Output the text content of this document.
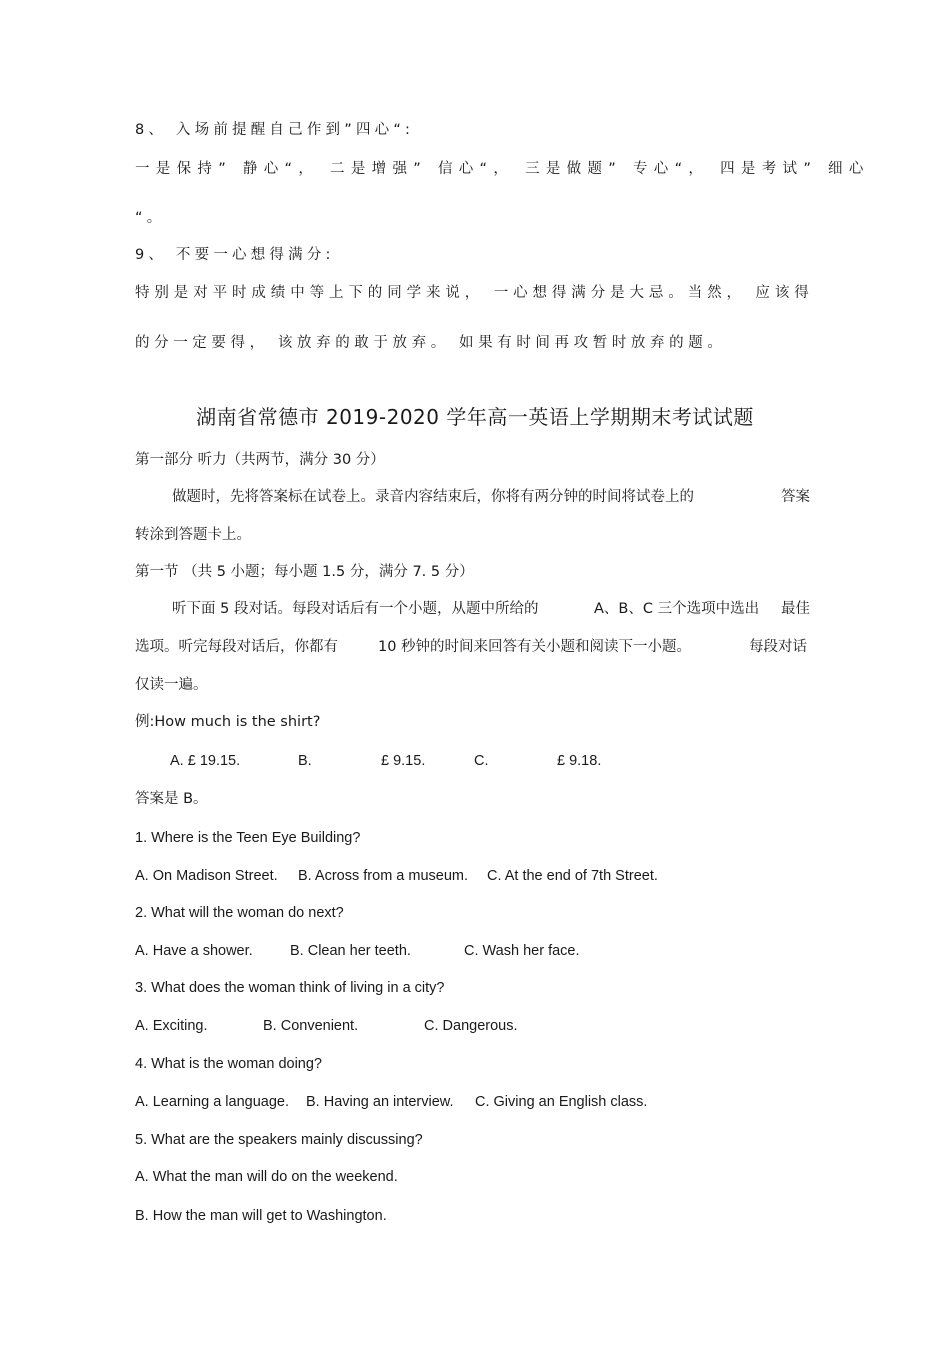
8、 入场前提醒自己作到”四心“:
一是保持” 静心“， 二是增强” 信心“， 三是做题” 专心“， 四是考试” 细心
“。
9、 不要一心想得满分:
特别是对平时成绩中等上下的同学来说， 一心想得满分是大忌。当然， 应该得
的分一定要得， 该放弃的敢于放弃。 如果有时间再攻暂时放弃的题。
湖南省常德市 2019-2020 学年高一英语上学期期末考试试题
第一部分 听力（共两节，满分 30 分）
做题时，先将答案标在试卷上。录音内容结束后，你将有两分钟的时间将试卷上的	答案
转涂到答题卡上。
第一节 （共 5 小题；每小题 1.5 分，满分 7. 5 分）
听下面 5 段对话。每段对话后有一个小题，从题中所给的	A、B、C 三个选项中选出 最佳
选项。听完每段对话后，你都有	10 秒钟的时间来回答有关小题和阅读下一小题。	每段对话
仅读一遍。
例:How much is the shirt?
A. £ 19.15.	B.	£ 9.15.	C.	£ 9.18.
答案是 B。
1. Where is the Teen Eye Building?
A. On Madison Street. B. Across from a museum. C. At the end of 7th Street.
2. What will the woman do next?
A. Have a shower.	B. Clean her teeth.	C. Wash her face.
3. What does the woman think of living in a city?
A. Exciting.	B. Convenient.	C. Dangerous.
4. What is the woman doing?
A. Learning a language. B. Having an interview. C. Giving an English class.
5. What are the speakers mainly discussing?
A. What the man will do on the weekend.
B. How the man will get to Washington.
